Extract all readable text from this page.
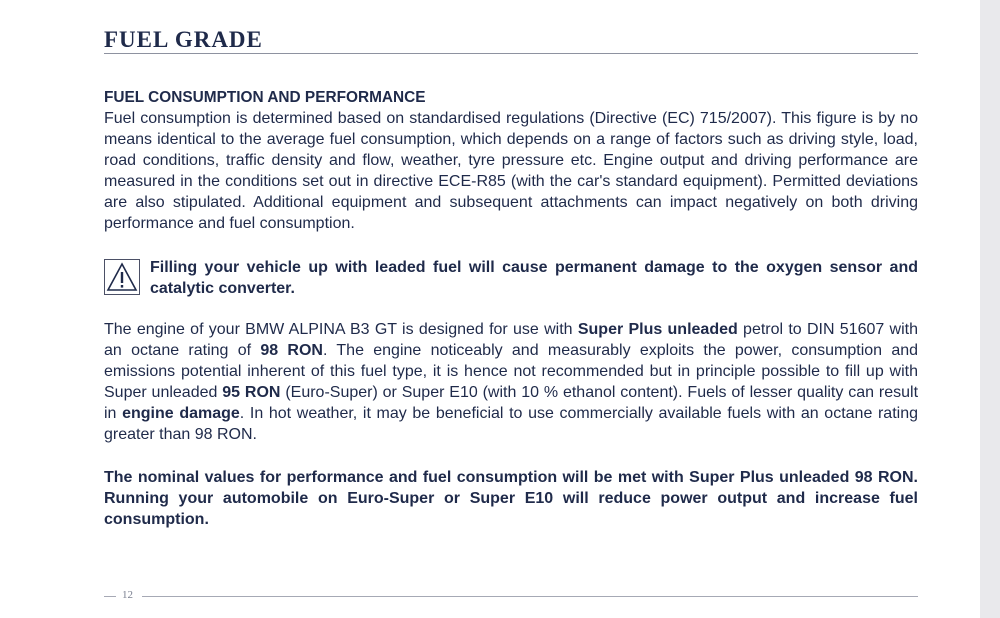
FUEL GRADE
FUEL CONSUMPTION AND PERFORMANCE

Fuel consumption is determined based on standardised regulations (Directive (EC) 715/2007). This figure is by no means identical to the average fuel consumption, which depends on a range of factors such as driving style, load, road conditions, traffic density and flow, weather, tyre pressure etc. Engine output and driving performance are measured in the conditions set out in directive ECE-R85 (with the car's standard equipment). Permitted deviations are also stipulated. Additional equipment and subsequent attachments can impact negatively on both driving performance and fuel consumption.

Filling your vehicle up with leaded fuel will cause permanent damage to the oxygen sensor and catalytic converter.

The engine of your BMW ALPINA B3 GT is designed for use with Super Plus unleaded petrol to DIN 51607 with an octane rating of 98 RON. The engine noticeably and measurably exploits the power, consumption and emissions potential inherent of this fuel type, it is hence not recommended but in principle possible to fill up with Super unleaded 95 RON (Euro-Super) or Super E10 (with 10 % ethanol content). Fuels of lesser quality can result in engine damage. In hot weather, it may be beneficial to use commercially available fuels with an octane rating greater than 98 RON.

The nominal values for performance and fuel consumption will be met with Super Plus unleaded 98 RON. Running your automobile on Euro-Super or Super E10 will reduce power output and increase fuel consumption.

12
